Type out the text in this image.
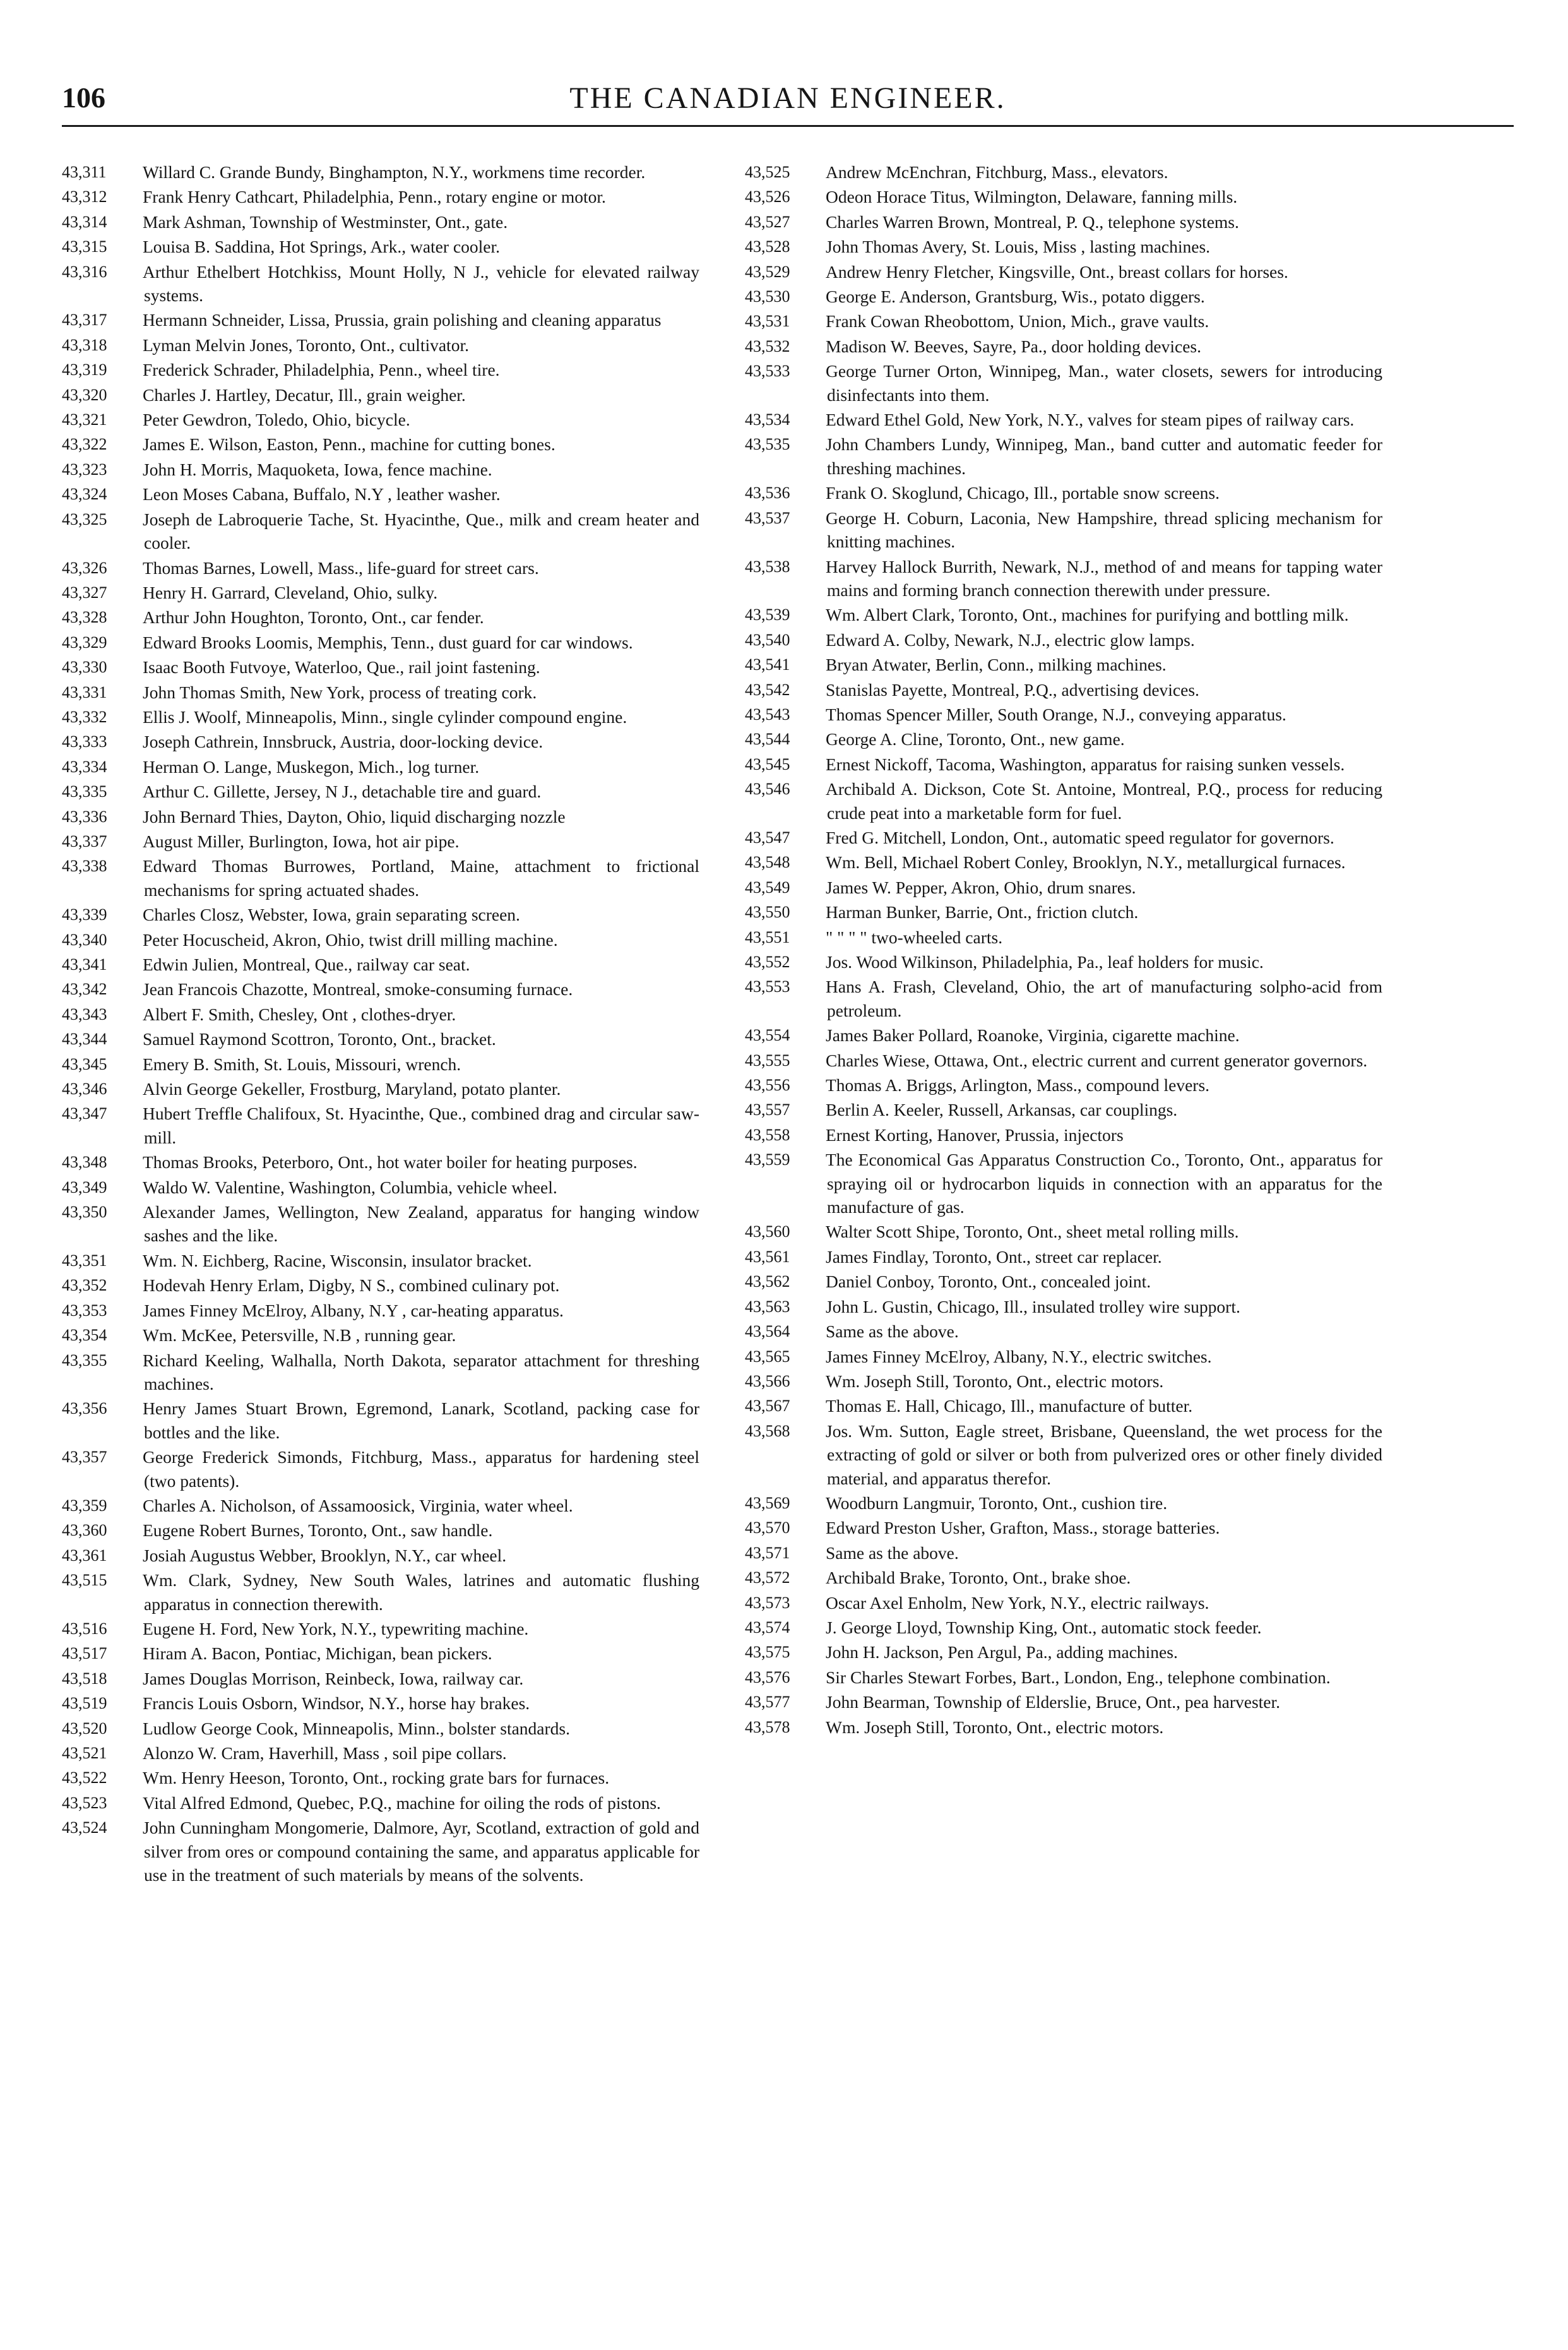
THE CANADIAN ENGINEER.
106
43,311 Willard C. Grande Bundy, Binghampton, N.Y., workmens time recorder.
43,312 Frank Henry Cathcart, Philadelphia, Penn., rotary engine or motor.
43,314 Mark Ashman, Township of Westminster, Ont., gate.
43,315 Louisa B. Saddina, Hot Springs, Ark., water cooler.
43,316 Arthur Ethelbert Hotchkiss, Mount Holly, N J., vehicle for elevated railway systems.
43,317 Hermann Schneider, Lissa, Prussia, grain polishing and cleaning apparatus
43,318 Lyman Melvin Jones, Toronto, Ont., cultivator.
43,319 Frederick Schrader, Philadelphia, Penn., wheel tire.
43,320 Charles J. Hartley, Decatur, Ill., grain weigher.
43,321 Peter Gewdron, Toledo, Ohio, bicycle.
43,322 James E. Wilson, Easton, Penn., machine for cutting bones.
43,323 John H. Morris, Maquoketa, Iowa, fence machine.
43,324 Leon Moses Cabana, Buffalo, N.Y , leather washer.
43,325 Joseph de Labroquerie Tache, St. Hyacinthe, Que., milk and cream heater and cooler.
43,326 Thomas Barnes, Lowell, Mass., life-guard for street cars.
43,327 Henry H. Garrard, Cleveland, Ohio, sulky.
43,328 Arthur John Houghton, Toronto, Ont., car fender.
43,329 Edward Brooks Loomis, Memphis, Tenn., dust guard for car windows.
43,330 Isaac Booth Futvoye, Waterloo, Que., rail joint fastening.
43,331 John Thomas Smith, New York, process of treating cork.
43,332 Ellis J. Woolf, Minneapolis, Minn., single cylinder compound engine.
43,333 Joseph Cathrein, Innsbruck, Austria, door-locking device.
43,334 Herman O. Lange, Muskegon, Mich., log turner.
43,335 Arthur C. Gillette, Jersey, N J., detachable tire and guard.
43,336 John Bernard Thies, Dayton, Ohio, liquid discharging nozzle
43,337 August Miller, Burlington, Iowa, hot air pipe.
43,338 Edward Thomas Burrowes, Portland, Maine, attachment to frictional mechanisms for spring actuated shades.
43,339 Charles Closz, Webster, Iowa, grain separating screen.
43,340 Peter Hocuscheid, Akron, Ohio, twist drill milling machine.
43,341 Edwin Julien, Montreal, Que., railway car seat.
43,342 Jean Francois Chazotte, Montreal, smoke-consuming furnace.
43,343 Albert F. Smith, Chesley, Ont , clothes-dryer.
43,344 Samuel Raymond Scottron, Toronto, Ont., bracket.
43,345 Emery B. Smith, St. Louis, Missouri, wrench.
43,346 Alvin George Gekeller, Frostburg, Maryland, potato planter.
43,347 Hubert Treffle Chalifoux, St. Hyacinthe, Que., combined drag and circular saw-mill.
43,348 Thomas Brooks, Peterboro, Ont., hot water boiler for heating purposes.
43,349 Waldo W. Valentine, Washington, Columbia, vehicle wheel.
43,350 Alexander James, Wellington, New Zealand, apparatus for hanging window sashes and the like.
43,351 Wm. N. Eichberg, Racine, Wisconsin, insulator bracket.
43,352 Hodevah Henry Erlam, Digby, N S., combined culinary pot.
43,353 James Finney McElroy, Albany, N.Y , car-heating apparatus.
43,354 Wm. McKee, Petersville, N.B , running gear.
43,355 Richard Keeling, Walhalla, North Dakota, separator attachment for threshing machines.
43,356 Henry James Stuart Brown, Egremond, Lanark, Scotland, packing case for bottles and the like.
43,357 George Frederick Simonds, Fitchburg, Mass., apparatus for hardening steel (two patents).
43,359 Charles A. Nicholson, of Assamoosick, Virginia, water wheel.
43,360 Eugene Robert Burnes, Toronto, Ont., saw handle.
43,361 Josiah Augustus Webber, Brooklyn, N.Y., car wheel.
43,515 Wm. Clark, Sydney, New South Wales, latrines and automatic flushing apparatus in connection therewith.
43,516 Eugene H. Ford, New York, N.Y., typewriting machine.
43,517 Hiram A. Bacon, Pontiac, Michigan, bean pickers.
43,518 James Douglas Morrison, Reinbeck, Iowa, railway car.
43,519 Francis Louis Osborn, Windsor, N.Y., horse hay brakes.
43,520 Ludlow George Cook, Minneapolis, Minn., bolster standards.
43,521 Alonzo W. Cram, Haverhill, Mass , soil pipe collars.
43,522 Wm. Henry Heeson, Toronto, Ont., rocking grate bars for furnaces.
43,523 Vital Alfred Edmond, Quebec, P.Q., machine for oiling the rods of pistons.
43,524 John Cunningham Mongomerie, Dalmore, Ayr, Scotland, extraction of gold and silver from ores or compound containing the same, and apparatus applicable for use in the treatment of such materials by means of the solvents.
43,525 Andrew McEnchran, Fitchburg, Mass., elevators.
43,526 Odeon Horace Titus, Wilmington, Delaware, fanning mills.
43,527 Charles Warren Brown, Montreal, P. Q., telephone systems.
43,528 John Thomas Avery, St. Louis, Miss , lasting machines.
43,529 Andrew Henry Fletcher, Kingsville, Ont., breast collars for horses.
43,530 George E. Anderson, Grantsburg, Wis., potato diggers.
43,531 Frank Cowan Rheobottom, Union, Mich., grave vaults.
43,532 Madison W. Beeves, Sayre, Pa., door holding devices.
43,533 George Turner Orton, Winnipeg, Man., water closets, sewers for introducing disinfectants into them.
43,534 Edward Ethel Gold, New York, N.Y., valves for steam pipes of railway cars.
43,535 John Chambers Lundy, Winnipeg, Man., band cutter and automatic feeder for threshing machines.
43,536 Frank O. Skoglund, Chicago, Ill., portable snow screens.
43,537 George H. Coburn, Laconia, New Hampshire, thread splicing mechanism for knitting machines.
43,538 Harvey Hallock Burrith, Newark, N.J., method of and means for tapping water mains and forming branch connection therewith under pressure.
43,539 Wm. Albert Clark, Toronto, Ont., machines for purifying and bottling milk.
43,540 Edward A. Colby, Newark, N.J., electric glow lamps.
43,541 Bryan Atwater, Berlin, Conn., milking machines.
43,542 Stanislas Payette, Montreal, P.Q., advertising devices.
43,543 Thomas Spencer Miller, South Orange, N.J., conveying apparatus.
43,544 George A. Cline, Toronto, Ont., new game.
43,545 Ernest Nickoff, Tacoma, Washington, apparatus for raising sunken vessels.
43,546 Archibald A. Dickson, Cote St. Antoine, Montreal, P.Q., process for reducing crude peat into a marketable form for fuel.
43,547 Fred G. Mitchell, London, Ont., automatic speed regulator for governors.
43,548 Wm. Bell, Michael Robert Conley, Brooklyn, N.Y., metallurgical furnaces.
43,549 James W. Pepper, Akron, Ohio, drum snares.
43,550 Harman Bunker, Barrie, Ont., friction clutch.
43,551 " " " " two-wheeled carts.
43,552 Jos. Wood Wilkinson, Philadelphia, Pa., leaf holders for music.
43,553 Hans A. Frash, Cleveland, Ohio, the art of manufacturing solpho-acid from petroleum.
43,554 James Baker Pollard, Roanoke, Virginia, cigarette machine.
43,555 Charles Wiese, Ottawa, Ont., electric current and current generator governors.
43,556 Thomas A. Briggs, Arlington, Mass., compound levers.
43,557 Berlin A. Keeler, Russell, Arkansas, car couplings.
43,558 Ernest Korting, Hanover, Prussia, injectors
43,559 The Economical Gas Apparatus Construction Co., Toronto, Ont., apparatus for spraying oil or hydrocarbon liquids in connection with an apparatus for the manufacture of gas.
43,560 Walter Scott Shipe, Toronto, Ont., sheet metal rolling mills.
43,561 James Findlay, Toronto, Ont., street car replacer.
43,562 Daniel Conboy, Toronto, Ont., concealed joint.
43,563 John L. Gustin, Chicago, Ill., insulated trolley wire support.
43,564 Same as the above.
43,565 James Finney McElroy, Albany, N.Y., electric switches.
43,566 Wm. Joseph Still, Toronto, Ont., electric motors.
43,567 Thomas E. Hall, Chicago, Ill., manufacture of butter.
43,568 Jos. Wm. Sutton, Eagle street, Brisbane, Queensland, the wet process for the extracting of gold or silver or both from pulverized ores or other finely divided material, and apparatus therefor.
43,569 Woodburn Langmuir, Toronto, Ont., cushion tire.
43,570 Edward Preston Usher, Grafton, Mass., storage batteries.
43,571 Same as the above.
43,572 Archibald Brake, Toronto, Ont., brake shoe.
43,573 Oscar Axel Enholm, New York, N.Y., electric railways.
43,574 J. George Lloyd, Township King, Ont., automatic stock feeder.
43,575 John H. Jackson, Pen Argul, Pa., adding machines.
43,576 Sir Charles Stewart Forbes, Bart., London, Eng., telephone combination.
43,577 John Bearman, Township of Elderslie, Bruce, Ont., pea harvester.
43,578 Wm. Joseph Still, Toronto, Ont., electric motors.
